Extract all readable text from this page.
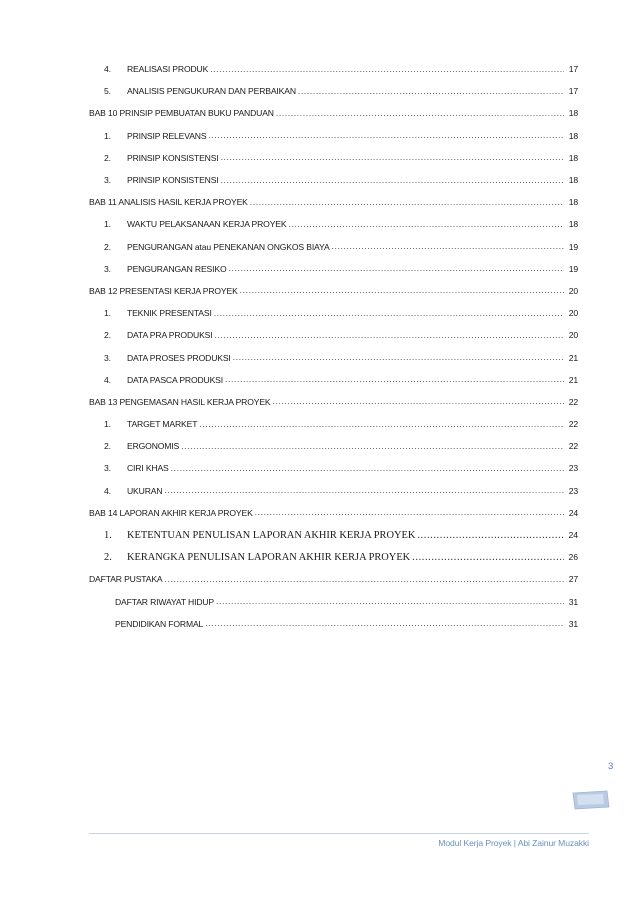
4. REALISASI PRODUK .....	17
5. ANALISIS PENGUKURAN DAN PERBAIKAN .....	17
BAB 10 PRINSIP PEMBUATAN BUKU PANDUAN .....	18
1. PRINSIP RELEVANS .....	18
2. PRINSIP KONSISTENSI .....	18
3. PRINSIP KONSISTENSI .....	18
BAB 11 ANALISIS HASIL KERJA PROYEK .....	18
1. WAKTU PELAKSANAAN KERJA PROYEK .....	18
2. PENGURANGAN atau PENEKANAN ONGKOS BIAYA .....	19
3. PENGURANGAN RESIKO .....	19
BAB 12 PRESENTASI KERJA PROYEK .....	20
1. TEKNIK PRESENTASI .....	20
2. DATA PRA PRODUKSI .....	20
3. DATA PROSES PRODUKSI .....	21
4. DATA PASCA PRODUKSI .....	21
BAB 13 PENGEMASAN HASIL KERJA PROYEK .....	22
1. TARGET MARKET .....	22
2. ERGONOMIS .....	22
3. CIRI KHAS .....	23
4. UKURAN .....	23
BAB 14 LAPORAN AKHIR KERJA PROYEK .....	24
1. KETENTUAN PENULISAN LAPORAN AKHIR KERJA PROYEK .....	24
2. KERANGKA PENULISAN LAPORAN AKHIR KERJA PROYEK .....	26
DAFTAR PUSTAKA .....	27
DAFTAR RIWAYAT HIDUP .....	31
PENDIDIKAN FORMAL .....	31
3
Modul Kerja Proyek | Abi Zainur Muzakki
